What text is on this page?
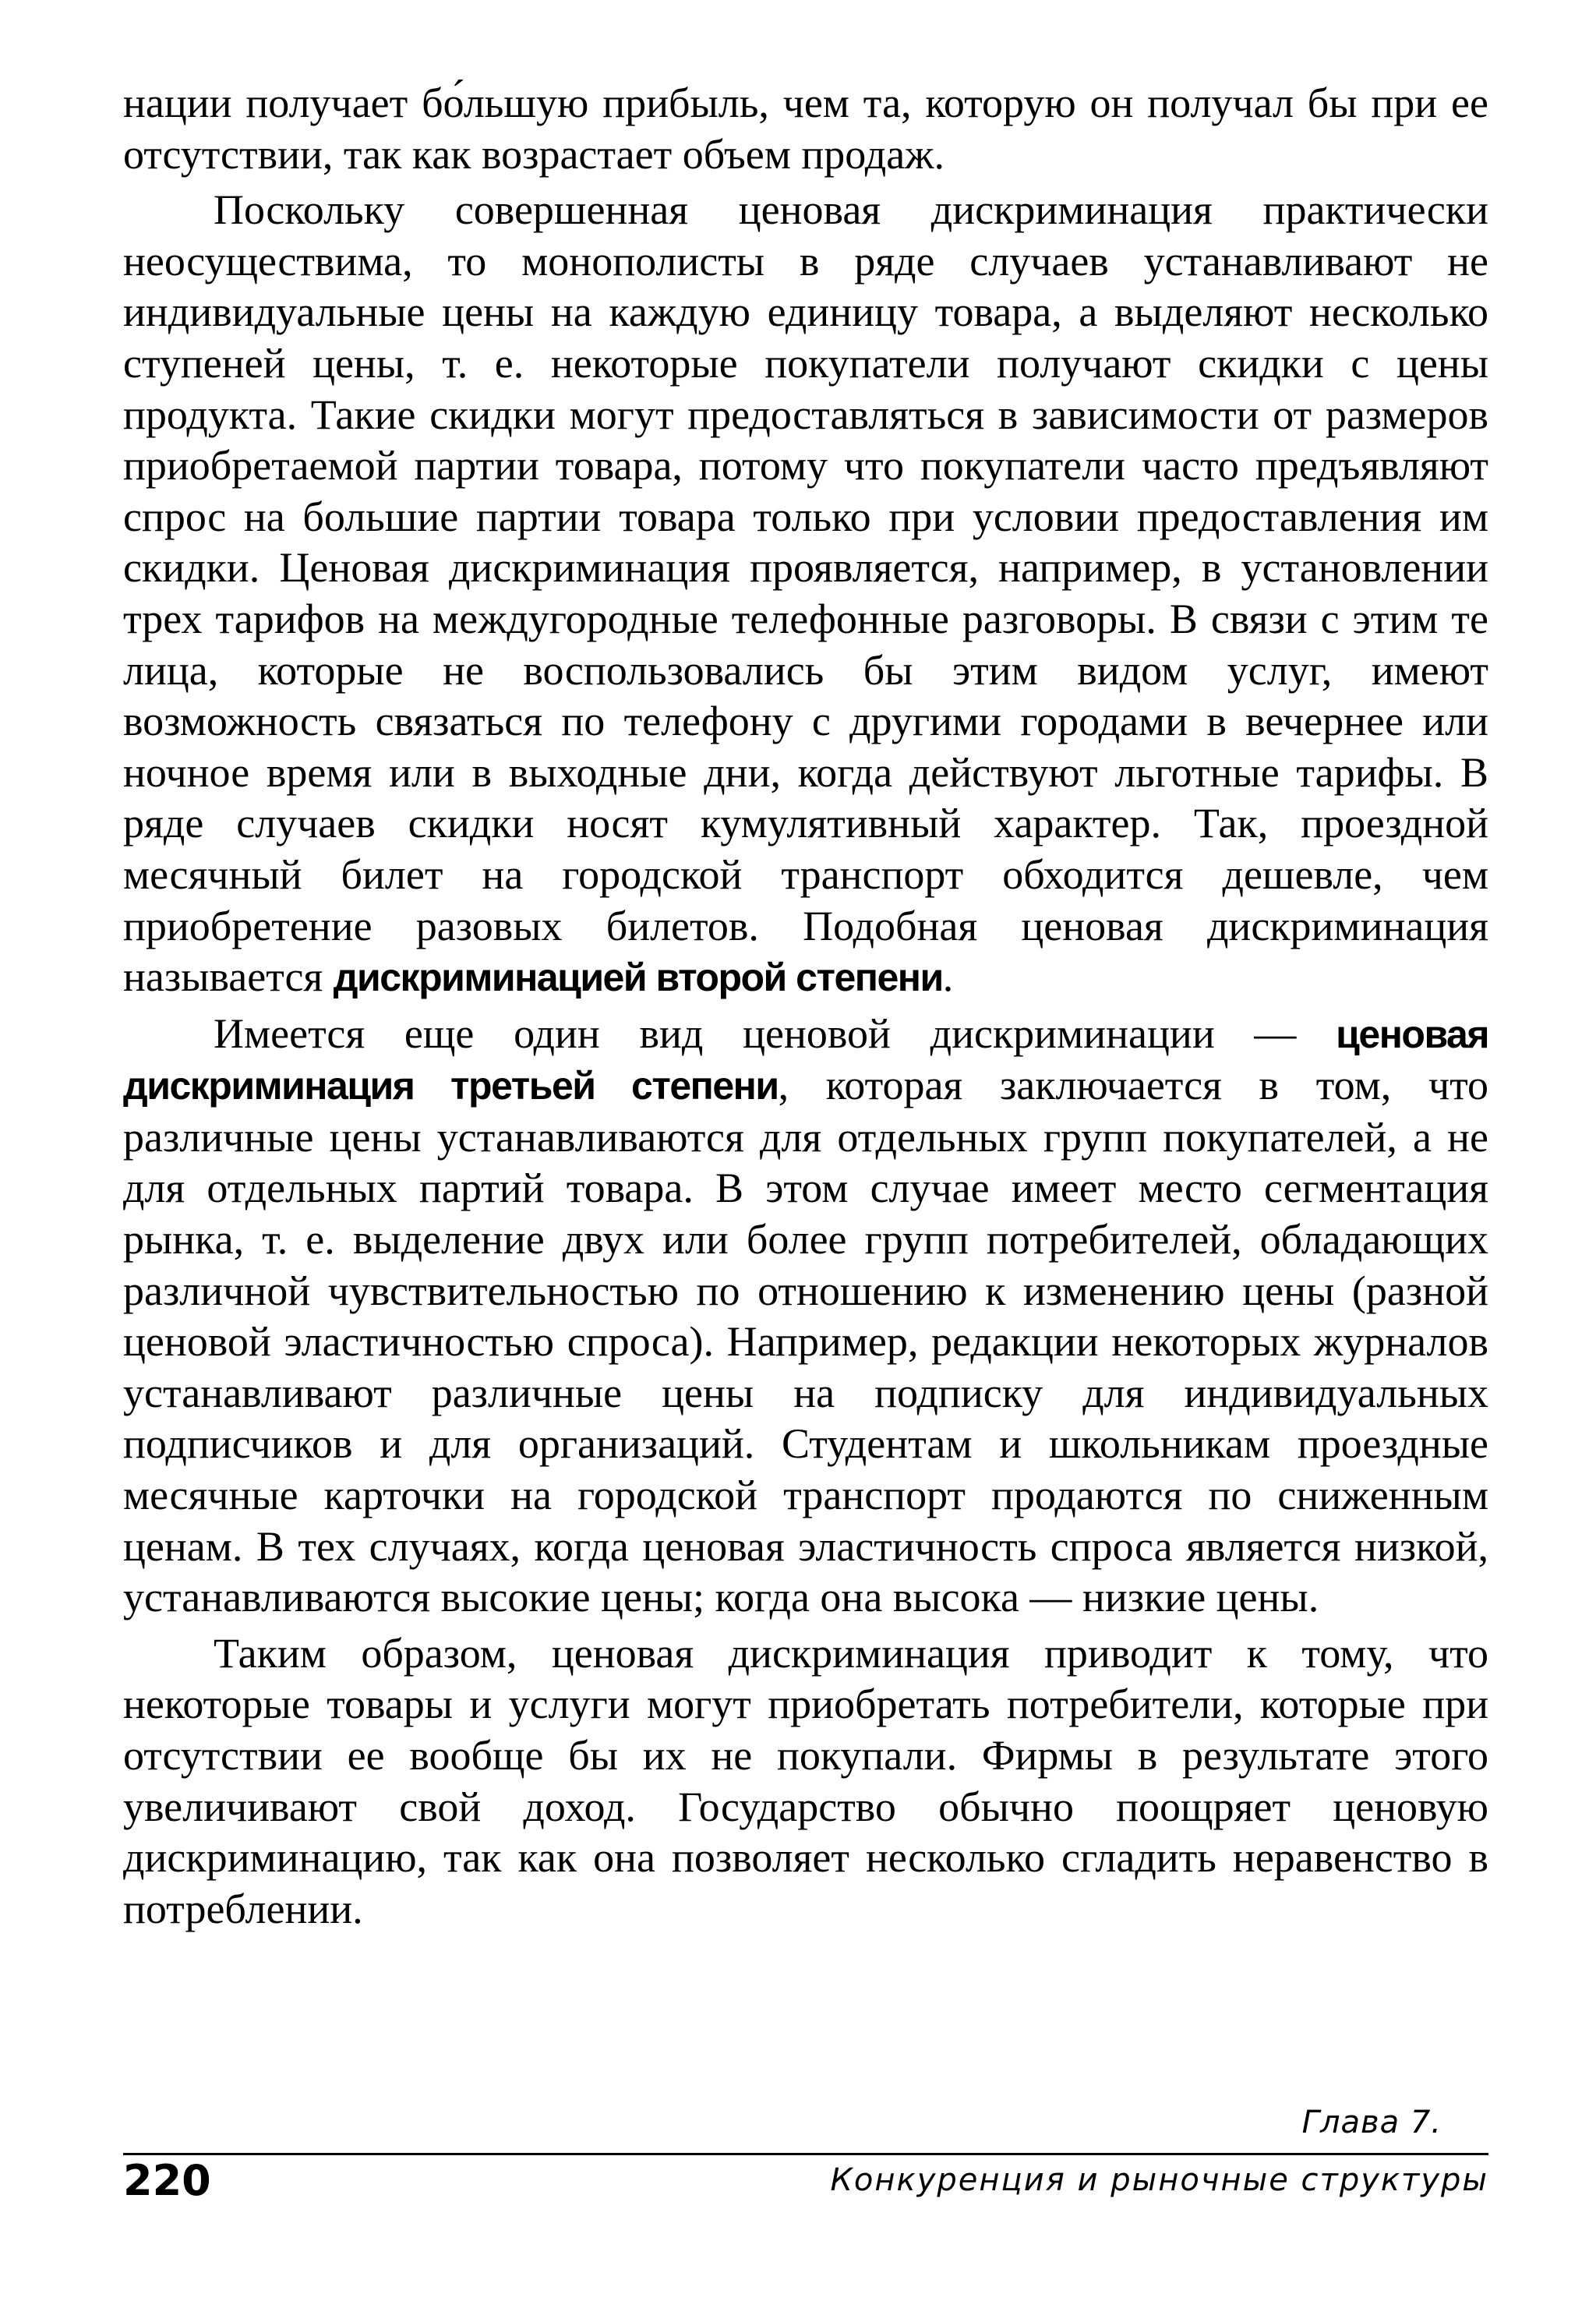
нации получает бо́льшую прибыль, чем та, которую он получал бы при ее отсутствии, так как возрастает объем продаж.

Поскольку совершенная ценовая дискриминация практически неосуществима, то монополисты в ряде случаев устанавливают не индивидуальные цены на каждую единицу товара, а выделяют несколько ступеней цены, т. е. некоторые покупатели получают скидки с цены продукта. Такие скидки могут предоставляться в зависимости от размеров приобретаемой партии товара, потому что покупатели часто предъявляют спрос на большие партии товара только при условии предоставления им скидки. Ценовая дискриминация проявляется, например, в установлении трех тарифов на междугородные телефонные разговоры. В связи с этим те лица, которые не воспользовались бы этим видом услуг, имеют возможность связаться по телефону с другими городами в вечернее или ночное время или в выходные дни, когда действуют льготные тарифы. В ряде случаев скидки носят кумулятивный характер. Так, проездной месячный билет на городской транспорт обходится дешевле, чем приобретение разовых билетов. Подобная ценовая дискриминация называется дискриминацией второй степени.

Имеется еще один вид ценовой дискриминации — ценовая дискриминация третьей степени, которая заключается в том, что различные цены устанавливаются для отдельных групп покупателей, а не для отдельных партий товара. В этом случае имеет место сегментация рынка, т. е. выделение двух или более групп потребителей, обладающих различной чувствительностью по отношению к изменению цены (разной ценовой эластичностью спроса). Например, редакции некоторых журналов устанавливают различные цены на подписку для индивидуальных подписчиков и для организаций. Студентам и школьникам проездные месячные карточки на городской транспорт продаются по сниженным ценам. В тех случаях, когда ценовая эластичность спроса является низкой, устанавливаются высокие цены; когда она высока — низкие цены.

Таким образом, ценовая дискриминация приводит к тому, что некоторые товары и услуги могут приобретать потребители, которые при отсутствии ее вообще бы их не покупали. Фирмы в результате этого увеличивают свой доход. Государство обычно поощряет ценовую дискриминацию, так как она позволяет несколько сгладить неравенство в потреблении.

Глава 7.
220	Конкуренция и рыночные структуры
